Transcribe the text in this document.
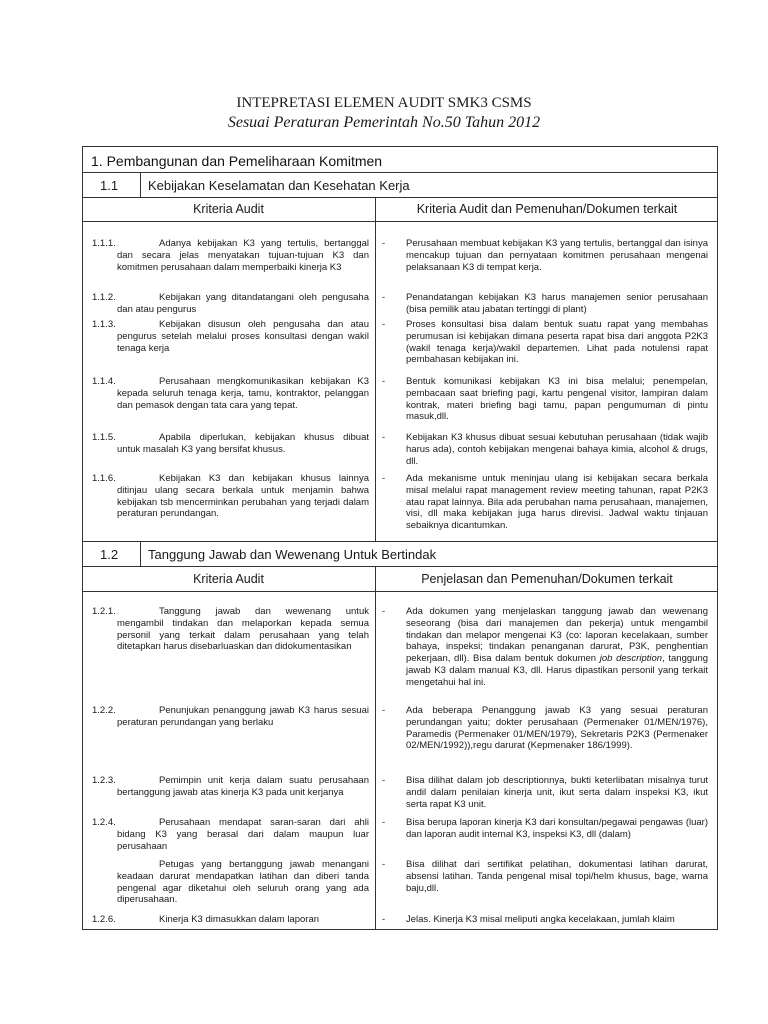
INTEPRETASI ELEMEN AUDIT SMK3 CSMS
Sesuai Peraturan Pemerintah No.50 Tahun 2012
1. Pembangunan dan Pemeliharaan Komitmen
1.1 Kebijakan Keselamatan dan Kesehatan Kerja
Kriteria Audit	Kriteria Audit dan Pemenuhan/Dokumen terkait
1.1.1.	Adanya kebijakan K3 yang tertulis, bertanggal dan secara jelas menyatakan tujuan-tujuan K3 dan komitmen perusahaan dalam memperbaiki kinerja K3
- Perusahaan membuat kebijakan K3 yang tertulis, bertanggal dan isinya mencakup tujuan dan pernyataan komitmen perusahaan mengenai pelaksanaan K3 di tempat kerja.
1.1.2.	Kebijakan yang ditandatangani oleh pengusaha dan atau pengurus
- Penandatangan kebijakan K3 harus manajemen senior perusahaan (bisa pemilik atau jabatan tertinggi di plant)
1.1.3.	Kebijakan disusun oleh pengusaha dan atau pengurus setelah melalui proses konsultasi dengan wakil tenaga kerja
- Proses konsultasi bisa dalam bentuk suatu rapat yang membahas perumusan isi kebijakan dimana peserta rapat bisa dari anggota P2K3 (wakil tenaga kerja)/wakil departemen. Lihat pada notulensi rapat pembahasan kebijakan ini.
1.1.4.	Perusahaan mengkomunikasikan kebijakan K3 kepada seluruh tenaga kerja, tamu, kontraktor, pelanggan dan pemasok dengan tata cara yang tepat.
- Bentuk komunikasi kebijakan K3 ini bisa melalui; penempelan, pembacaan saat briefing pagi, kartu pengenal visitor, lampiran dalam kontrak, materi briefing bagi tamu, papan pengumuman di pintu masuk,dll.
1.1.5.	Apabila diperlukan, kebijakan khusus dibuat untuk masalah K3 yang bersifat khusus.
- Kebijakan K3 khusus dibuat sesuai kebutuhan perusahaan (tidak wajib harus ada), contoh kebijakan mengenai bahaya kimia, alcohol & drugs, dll.
1.1.6.	Kebijakan K3 dan kebijakan khusus lainnya ditinjau ulang secara berkala untuk menjamin bahwa kebijakan tsb mencerminkan perubahan yang terjadi dalam peraturan perundangan.
- Ada mekanisme untuk meninjau ulang isi kebijakan secara berkala misal melalui rapat management review meeting tahunan, rapat P2K3 atau rapat lainnya. Bila ada perubahan nama perusahaan, manajemen, visi, dll maka kebijakan juga harus direvisi. Jadwal waktu tinjauan sebaiknya dicantumkan.
1.2 Tanggung Jawab dan Wewenang Untuk Bertindak
Kriteria Audit	Penjelasan dan Pemenuhan/Dokumen terkait
1.2.1.	Tanggung jawab dan wewenang untuk mengambil tindakan dan melaporkan kepada semua personil yang terkait dalam perusahaan yang telah ditetapkan harus disebarluaskan dan didokumentasikan
- Ada dokumen yang menjelaskan tanggung jawab dan wewenang seseorang (bisa dari manajemen dan pekerja) untuk mengambil tindakan dan melapor mengenai K3 (co: laporan kecelakaan, sumber bahaya, inspeksi; tindakan penanganan darurat, P3K, penghentian pekerjaan, dll). Bisa dalam bentuk dokumen job description, tanggung jawab K3 dalam manual K3, dll. Harus dipastikan personil yang terkait mengetahui hal ini.
1.2.2.	Penunjukan penanggung jawab K3 harus sesuai peraturan perundangan yang berlaku
- Ada beberapa Penanggung jawab K3 yang sesuai peraturan perundangan yaitu; dokter perusahaan (Permenaker 01/MEN/1976), Paramedis (Permenaker 01/MEN/1979), Sekretaris P2K3 (Permenaker 02/MEN/1992)),regu darurat (Kepmenaker 186/1999).
1.2.3.	Pemimpin unit kerja dalam suatu perusahaan bertanggung jawab atas kinerja K3 pada unit kerjanya
- Bisa dilihat dalam job descriptionnya, bukti keterlibatan misalnya turut andil dalam penilaian kinerja unit, ikut serta dalam inspeksi K3, ikut serta rapat K3 unit.
1.2.4.	Perusahaan mendapat saran-saran dari ahli bidang K3 yang berasal dari dalam maupun luar perusahaan
- Bisa berupa laporan kinerja K3 dari konsultan/pegawai pengawas (luar) dan laporan audit internal K3, inspeksi K3, dll (dalam)
Petugas yang bertanggung jawab menangani keadaan darurat mendapatkan latihan dan diberi tanda pengenal agar diketahui oleh seluruh orang yang ada diperusahaan.
- Bisa dilihat dari sertifikat pelatihan, dokumentasi latihan darurat, absensi latihan. Tanda pengenal misal topi/helm khusus, bage, warna baju,dll.
1.2.6.	Kinerja K3 dimasukkan dalam laporan	- Jelas. Kinerja K3 misal meliputi angka kecelakaan, jumlah klaim
